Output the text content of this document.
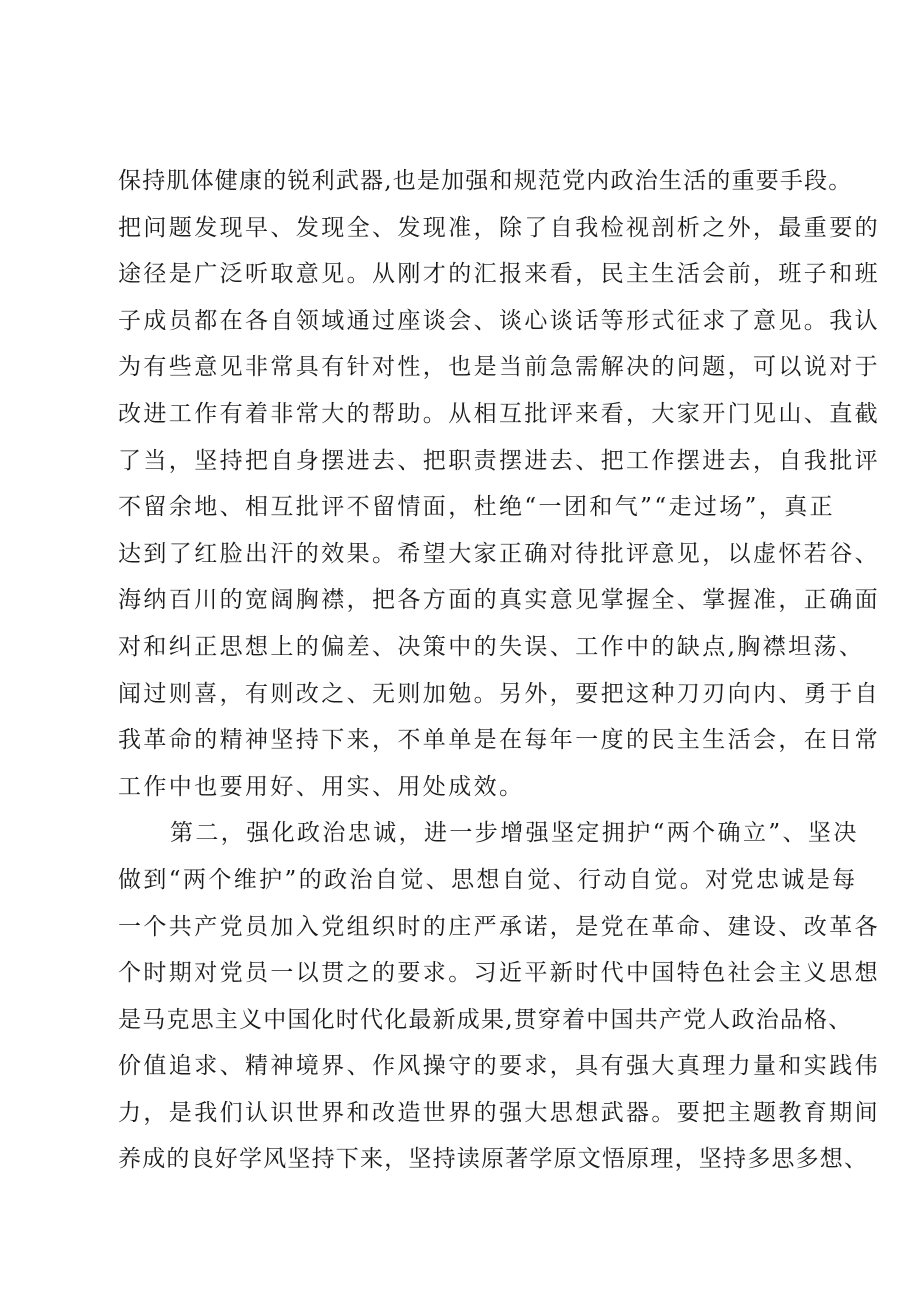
保持肌体健康的锐利武器,也是加强和规范党内政治生活的重要手段。
把问题发现早、发现全、发现准，除了自我检视剖析之外，最重要的
途径是广泛听取意见。从刚才的汇报来看，民主生活会前，班子和班
子成员都在各自领域通过座谈会、谈心谈话等形式征求了意见。我认
为有些意见非常具有针对性，也是当前急需解决的问题，可以说对于
改进工作有着非常大的帮助。从相互批评来看，大家开门见山、直截
了当，坚持把自身摆进去、把职责摆进去、把工作摆进去，自我批评
不留余地、相互批评不留情面，杜绝“一团和气”“走过场”，真正
达到了红脸出汗的效果。希望大家正确对待批评意见，以虚怀若谷、
海纳百川的宽阔胸襟，把各方面的真实意见掌握全、掌握准，正确面
对和纠正思想上的偏差、决策中的失误、工作中的缺点,胸襟坦荡、
闻过则喜，有则改之、无则加勉。另外，要把这种刀刃向内、勇于自
我革命的精神坚持下来，不单单是在每年一度的民主生活会，在日常
工作中也要用好、用实、用处成效。
第二，强化政治忠诚，进一步增强坚定拥护“两个确立”、坚决
做到“两个维护”的政治自觉、思想自觉、行动自觉。对党忠诚是每
一个共产党员加入党组织时的庄严承诺，是党在革命、建设、改革各
个时期对党员一以贯之的要求。习近平新时代中国特色社会主义思想
是马克思主义中国化时代化最新成果,贯穿着中国共产党人政治品格、
价值追求、精神境界、作风操守的要求，具有强大真理力量和实践伟
力，是我们认识世界和改造世界的强大思想武器。要把主题教育期间
养成的良好学风坚持下来，坚持读原著学原文悟原理，坚持多思多想、
